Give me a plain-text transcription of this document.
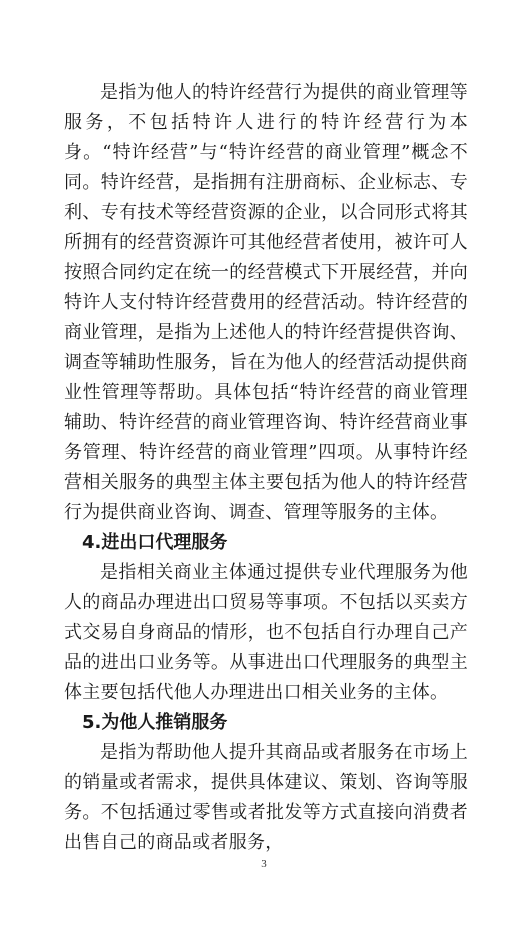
是指为他人的特许经营行为提供的商业管理等服务，不包括特许人进行的特许经营行为本身。“特许经营”与“特许经营的商业管理”概念不同。特许经营，是指拥有注册商标、企业标志、专利、专有技术等经营资源的企业，以合同形式将其所拥有的经营资源许可其他经营者使用，被许可人按照合同约定在统一的经营模式下开展经营，并向特许人支付特许经营费用的经营活动。特许经营的商业管理，是指为上述他人的特许经营提供咨询、调查等辅助性服务，旨在为他人的经营活动提供商业性管理等帮助。具体包括“特许经营的商业管理辅助、特许经营的商业管理咨询、特许经营商业事务管理、特许经营的商业管理”四项。从事特许经营相关服务的典型主体主要包括为他人的特许经营行为提供商业咨询、调查、管理等服务的主体。

4.进出口代理服务

是指相关商业主体通过提供专业代理服务为他人的商品办理进出口贸易等事项。不包括以买卖方式交易自身商品的情形，也不包括自行办理自己产品的进出口业务等。从事进出口代理服务的典型主体主要包括代他人办理进出口相关业务的主体。

5.为他人推销服务

是指为帮助他人提升其商品或者服务在市场上的销量或者需求，提供具体建议、策划、咨询等服务。不包括通过零售或者批发等方式直接向消费者出售自己的商品或者服务，

3
